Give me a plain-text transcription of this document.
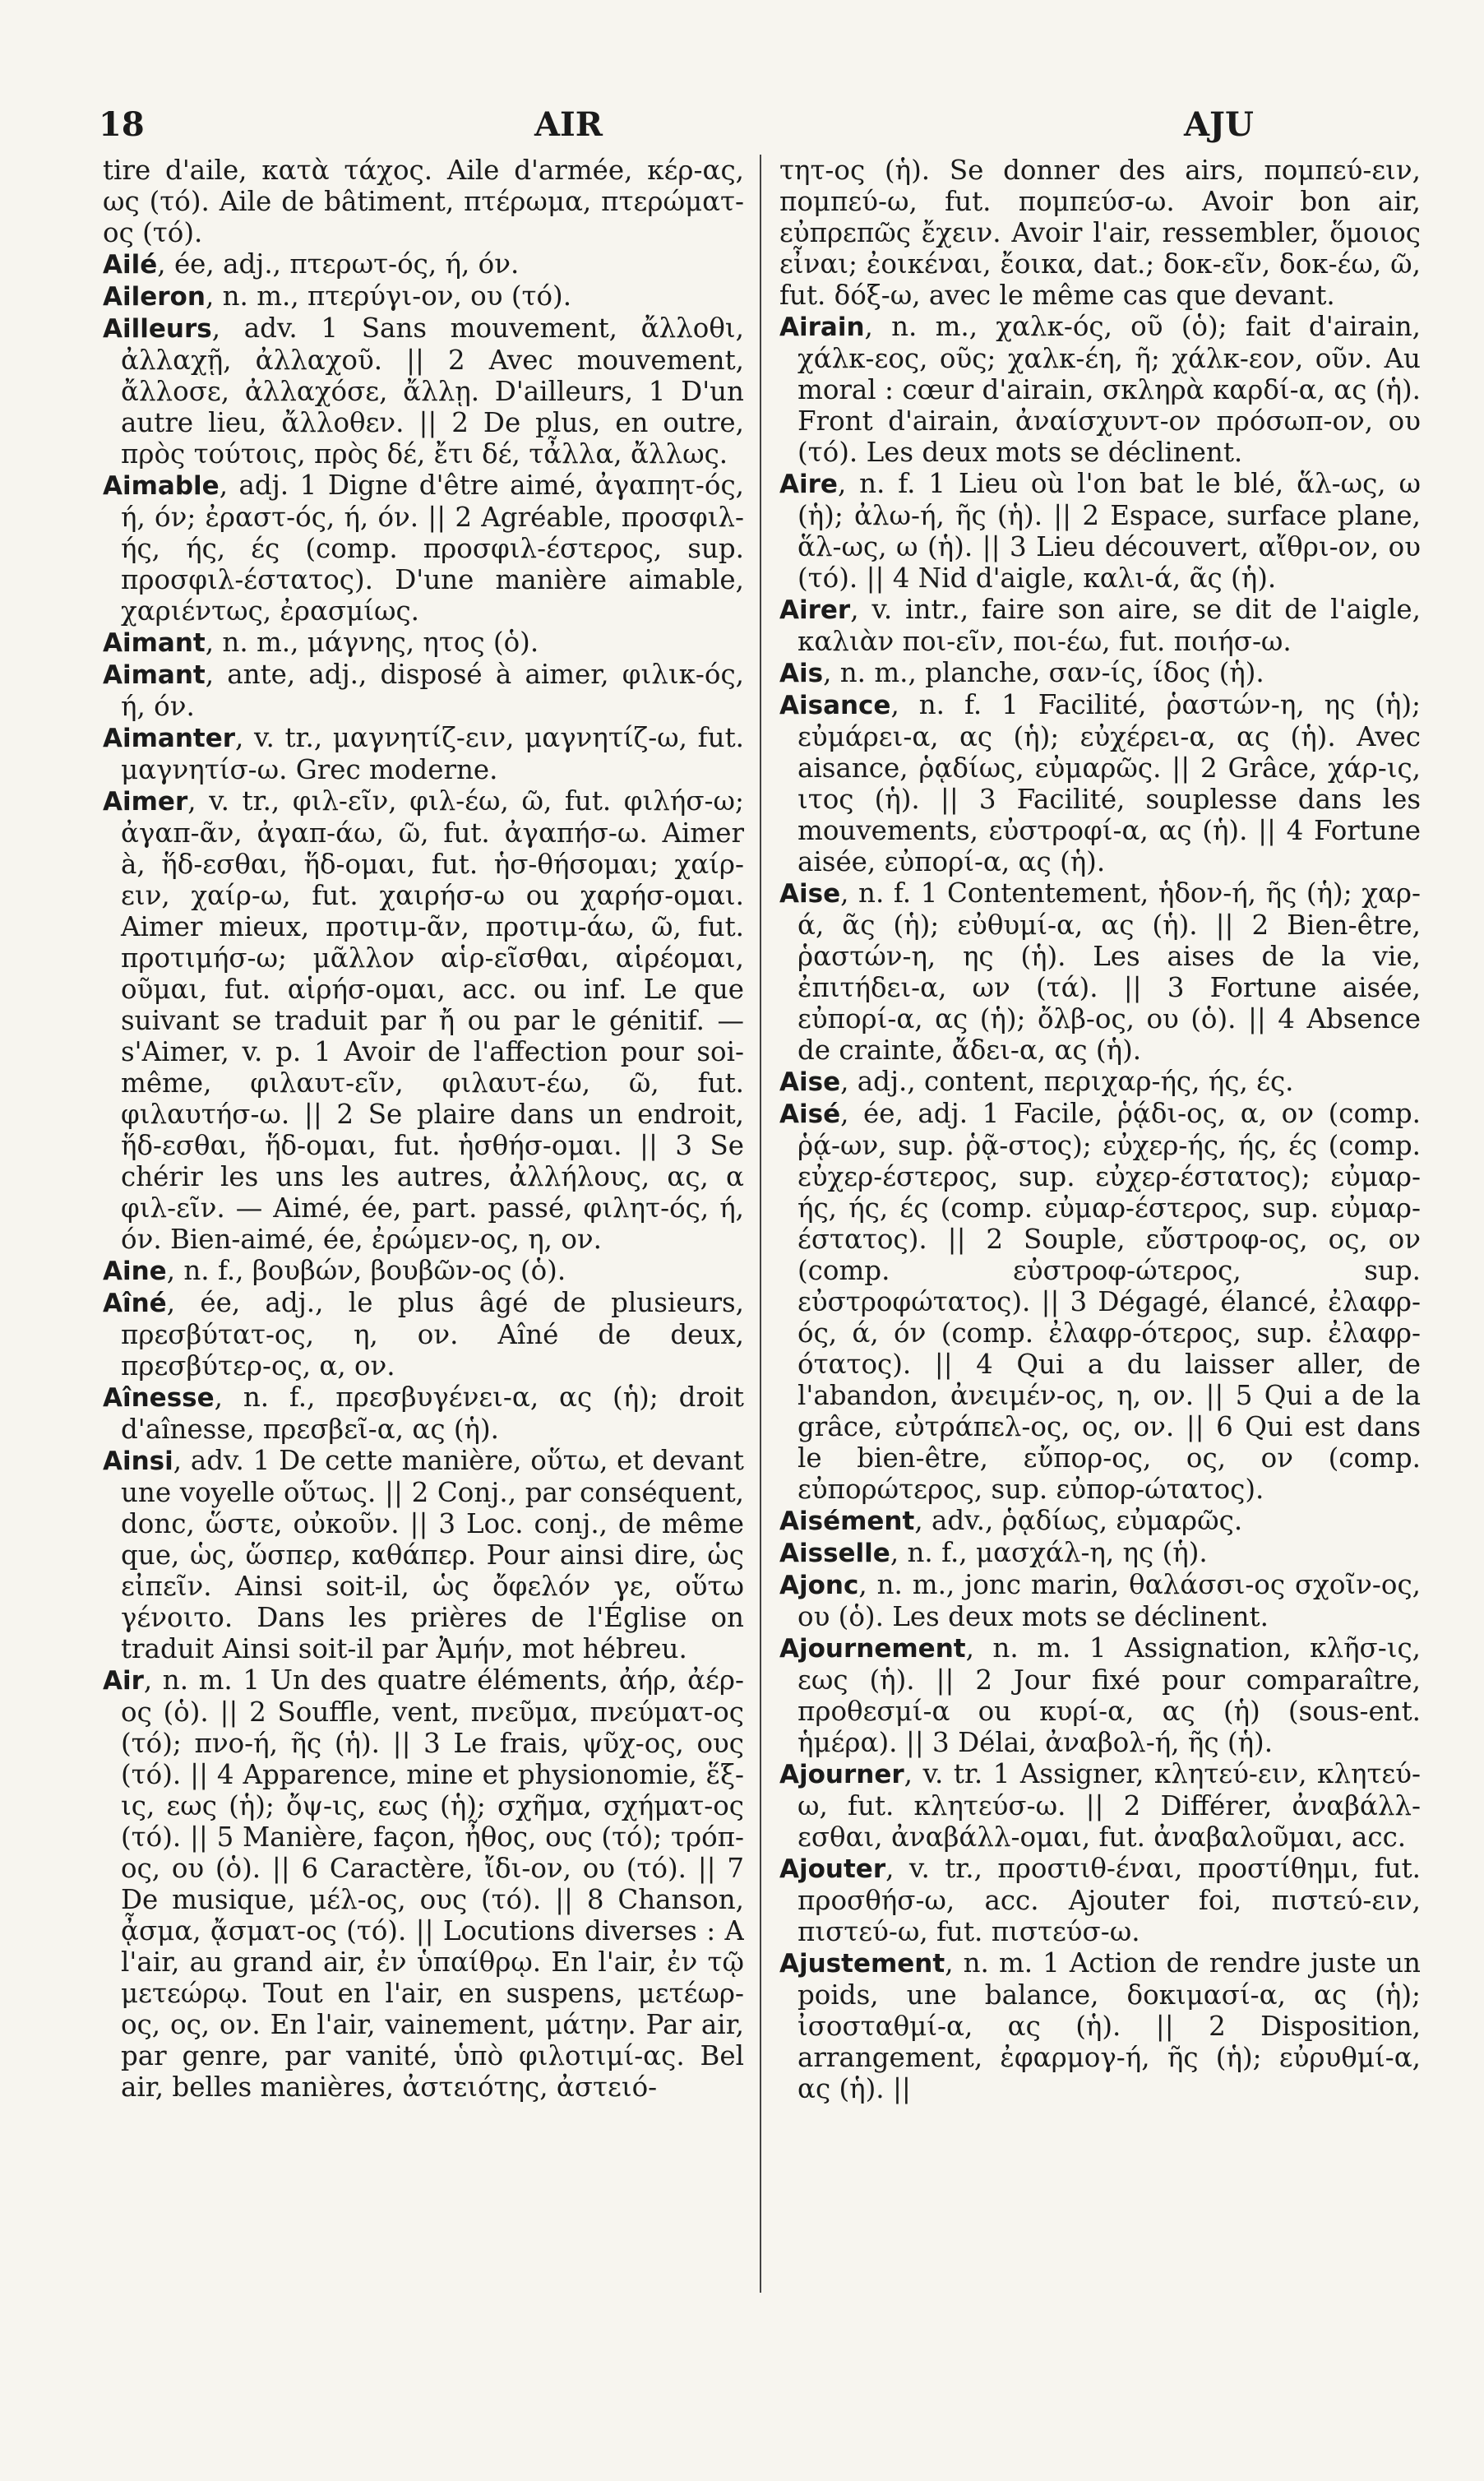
18	AIR	AJU

tire d'aile, κατὰ τάχος. Aile d'armée, κέρ-ας, ως (τό). Aile de bâtiment, πτέρωμα, πτερώματ-ος (τό).

Ailé, ée, adj., πτερωτ-ός, ή, όν.

Aileron, n. m., πτερύγι-ον, ου (τό).

Ailleurs, adv. 1 Sans mouvement, ἄλλοθι, ἀλλαχῇ, ἀλλαχοῦ. || 2 Avec mouvement, ἄλλοσε, ἀλλαχόσε, ἄλλῃ. D'ailleurs, 1 D'un autre lieu, ἄλλοθεν. || 2 De plus, en outre, πρὸς τούτοις, πρὸς δέ, ἔτι δέ, τἆλλα, ἄλλως.

Aimable, adj. 1 Digne d'être aimé, ἀγαπητ-ός, ή, όν; ἐραστ-ός, ή, όν. || 2 Agréable, προσφιλ-ής, ής, ές (comp. προσφιλ-έστερος, sup. προσφιλ-έστατος). D'une manière aimable, χαριέντως, ἐρασμίως.

Aimant, n. m., μάγνης, ητος (ὁ).

Aimant, ante, adj., disposé à aimer, φιλικ-ός, ή, όν.

Aimanter, v. tr., μαγνητίζ-ειν, μαγνητίζ-ω, fut. μαγνητίσ-ω. Grec moderne.

Aimer, v. tr., φιλ-εῖν, φιλ-έω, ῶ, fut. φιλήσ-ω; ἀγαπ-ᾶν, ἀγαπ-άω, ῶ, fut. ἀγαπήσ-ω. Aimer à, ἥδ-εσθαι, ἥδ-ομαι, fut. ἡσ-θήσομαι; χαίρ-ειν, χαίρ-ω, fut. χαιρήσ-ω ou χαρήσ-ομαι. Aimer mieux, προτιμ-ᾶν, προτιμ-άω, ῶ, fut. προτιμήσ-ω; μᾶλλον αἱρ-εῖσθαι, αἱρέομαι, οῦμαι, fut. αἱρήσ-ομαι, acc. ou inf. Le que suivant se traduit par ἤ ou par le génitif. — s'Aimer, v. p. 1 Avoir de l'affection pour soi-même, φιλαυτ-εῖν, φιλαυτ-έω, ῶ, fut. φιλαυτήσ-ω. || 2 Se plaire dans un endroit, ἥδ-εσθαι, ἥδ-ομαι, fut. ἡσθήσ-ομαι. || 3 Se chérir les uns les autres, ἀλλήλους, ας, α φιλ-εῖν. — Aimé, ée, part. passé, φιλητ-ός, ή, όν. Bien-aimé, ée, ἐρώμεν-ος, η, ον.

Aine, n. f., βουβών, βουβῶν-ος (ὁ).

Aîné, ée, adj., le plus âgé de plusieurs, πρεσβύτατ-ος, η, ον. Aîné de deux, πρεσβύτερ-ος, α, ον.

Aînesse, n. f., πρεσβυγένει-α, ας (ἡ); droit d'aînesse, πρεσβεῖ-α, ας (ἡ).

Ainsi, adv. 1 De cette manière, οὕτω, et devant une voyelle οὕτως. || 2 Conj., par conséquent, donc, ὥστε, οὐκοῦν. || 3 Loc. conj., de même que, ὡς, ὥσπερ, καθάπερ. Pour ainsi dire, ὡς εἰπεῖν. Ainsi soit-il, ὡς ὄφελόν γε, οὕτω γένοιτο. Dans les prières de l'Église on traduit Ainsi soit-il par Ἀμήν, mot hébreu.

Air, n. m. 1 Un des quatre éléments, ἀήρ, ἀέρ-ος (ὁ). || 2 Souffle, vent, πνεῦμα, πνεύματ-ος (τό); πνο-ή, ῆς (ἡ). || 3 Le frais, ψῦχ-ος, ους (τό). || 4 Apparence, mine et physionomie, ἕξ-ις, εως (ἡ); ὄψ-ις, εως (ἡ); σχῆμα, σχήματ-ος (τό). || 5 Manière, façon, ἦθος, ους (τό); τρόπ-ος, ου (ὁ). || 6 Caractère, ἴδι-ον, ου (τό). || 7 De musique, μέλ-ος, ους (τό). || 8 Chanson, ᾆσμα, ᾄσματ-ος (τό). || Locutions diverses : A l'air, au grand air, ἐν ὑπαίθρῳ. En l'air, ἐν τῷ μετεώρῳ. Tout en l'air, en suspens, μετέωρ-ος, ος, ον. En l'air, vainement, μάτην. Par air, par genre, par vanité, ὑπὸ φιλοτιμί-ας. Bel air, belles manières, ἀστειότης, ἀστειό-

τητ-ος (ἡ). Se donner des airs, πομπεύ-ειν, πομπεύ-ω, fut. πομπεύσ-ω. Avoir bon air, εὐπρεπῶς ἔχειν. Avoir l'air, ressembler, ὅμοιος εἶναι; ἐοικέναι, ἔοικα, dat.; δοκ-εῖν, δοκ-έω, ῶ, fut. δόξ-ω, avec le même cas que devant.

Airain, n. m., χαλκ-ός, οῦ (ὁ); fait d'airain, χάλκ-εος, οῦς; χαλκ-έη, ῆ; χάλκ-εον, οῦν. Au moral : cœur d'airain, σκληρὰ καρδί-α, ας (ἡ). Front d'airain, ἀναίσχυντ-ον πρόσωπ-ον, ου (τό). Les deux mots se déclinent.

Aire, n. f. 1 Lieu où l'on bat le blé, ἅλ-ως, ω (ἡ); ἀλω-ή, ῆς (ἡ). || 2 Espace, surface plane, ἅλ-ως, ω (ἡ). || 3 Lieu découvert, αἴθρι-ον, ου (τό). || 4 Nid d'aigle, καλι-ά, ᾶς (ἡ).

Airer, v. intr., faire son aire, se dit de l'aigle, καλιὰν ποι-εῖν, ποι-έω, fut. ποιήσ-ω.

Ais, n. m., planche, σαν-ίς, ίδος (ἡ).

Aisance, n. f. 1 Facilité, ῥαστών-η, ης (ἡ); εὐμάρει-α, ας (ἡ); εὐχέρει-α, ας (ἡ). Avec aisance, ῥᾳδίως, εὐμαρῶς. || 2 Grâce, χάρ-ις, ιτος (ἡ). || 3 Facilité, souplesse dans les mouvements, εὐστροφί-α, ας (ἡ). || 4 Fortune aisée, εὐπορί-α, ας (ἡ).

Aise, n. f. 1 Contentement, ἡδον-ή, ῆς (ἡ); χαρ-ά, ᾶς (ἡ); εὐθυμί-α, ας (ἡ). || 2 Bien-être, ῥαστών-η, ης (ἡ). Les aises de la vie, ἐπιτήδει-α, ων (τά). || 3 Fortune aisée, εὐπορί-α, ας (ἡ); ὄλβ-ος, ου (ὁ). || 4 Absence de crainte, ἄδει-α, ας (ἡ).

Aise, adj., content, περιχαρ-ής, ής, ές.

Aisé, ée, adj. 1 Facile, ῥᾴδι-ος, α, ον (comp. ῥᾴ-ων, sup. ῥᾷ-στος); εὐχερ-ής, ής, ές (comp. εὐχερ-έστερος, sup. εὐχερ-έστατος); εὐμαρ-ής, ής, ές (comp. εὐμαρ-έστερος, sup. εὐμαρ-έστατος). || 2 Souple, εὔστροφ-ος, ος, ον (comp. εὐστροφ-ώτερος, sup. εὐστροφώτατος). || 3 Dégagé, élancé, ἐλαφρ-ός, ά, όν (comp. ἐλαφρ-ότερος, sup. ἐλαφρ-ότατος). || 4 Qui a du laisser aller, de l'abandon, ἀνειμέν-ος, η, ον. || 5 Qui a de la grâce, εὐτράπελ-ος, ος, ον. || 6 Qui est dans le bien-être, εὔπορ-ος, ος, ον (comp. εὐπορώτερος, sup. εὐπορ-ώτατος).

Aisément, adv., ῥᾳδίως, εὐμαρῶς.

Aisselle, n. f., μασχάλ-η, ης (ἡ).

Ajonc, n. m., jonc marin, θαλάσσι-ος σχοῖν-ος, ου (ὁ). Les deux mots se déclinent.

Ajournement, n. m. 1 Assignation, κλῆσ-ις, εως (ἡ). || 2 Jour fixé pour comparaître, προθεσμί-α ou κυρί-α, ας (ἡ) (sous-ent. ἡμέρα). || 3 Délai, ἀναβολ-ή, ῆς (ἡ).

Ajourner, v. tr. 1 Assigner, κλητεύ-ειν, κλητεύ-ω, fut. κλητεύσ-ω. || 2 Différer, ἀναβάλλ-εσθαι, ἀναβάλλ-ομαι, fut. ἀναβαλοῦμαι, acc.

Ajouter, v. tr., προστιθ-έναι, προστίθημι, fut. προσθήσ-ω, acc. Ajouter foi, πιστεύ-ειν, πιστεύ-ω, fut. πιστεύσ-ω.

Ajustement, n. m. 1 Action de rendre juste un poids, une balance, δοκιμασί-α, ας (ἡ); ἰσοσταθμί-α, ας (ἡ). || 2 Disposition, arrangement, ἐφαρμογ-ή, ῆς (ἡ); εὐρυθμί-α, ας (ἡ). ||
